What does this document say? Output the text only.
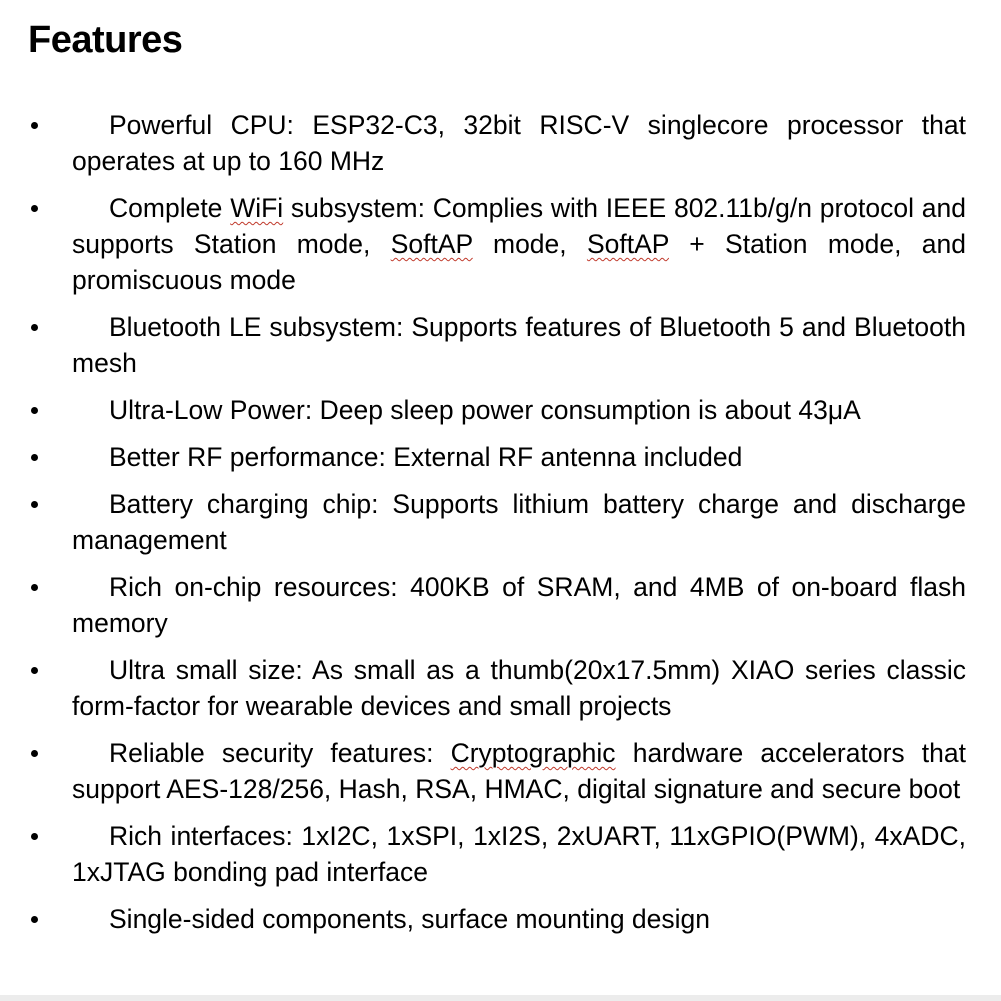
Features
Powerful CPU: ESP32-C3, 32bit RISC-V singlecore processor that operates at up to 160 MHz
Complete WiFi subsystem: Complies with IEEE 802.11b/g/n protocol and supports Station mode, SoftAP mode, SoftAP + Station mode, and promiscuous mode
Bluetooth LE subsystem: Supports features of Bluetooth 5 and Bluetooth mesh
Ultra-Low Power: Deep sleep power consumption is about 43μA
Better RF performance: External RF antenna included
Battery charging chip: Supports lithium battery charge and discharge management
Rich on-chip resources: 400KB of SRAM, and 4MB of on-board flash memory
Ultra small size: As small as a thumb(20x17.5mm) XIAO series classic form-factor for wearable devices and small projects
Reliable security features: Cryptographic hardware accelerators that support AES-128/256, Hash, RSA, HMAC, digital signature and secure boot
Rich interfaces: 1xI2C, 1xSPI, 1xI2S, 2xUART, 11xGPIO(PWM), 4xADC, 1xJTAG bonding pad interface
Single-sided components, surface mounting design
